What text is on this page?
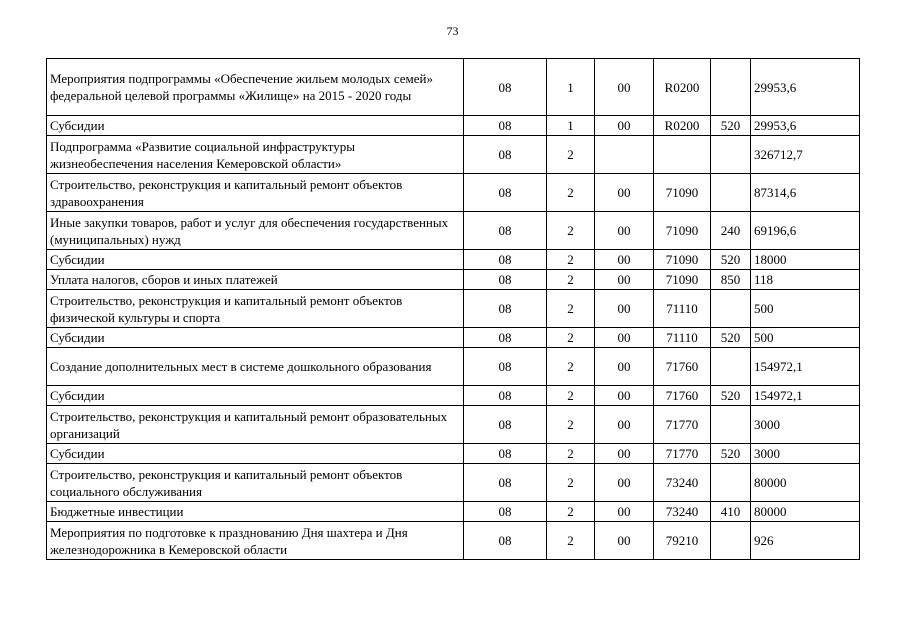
73
Мероприятия подпрограммы «Обеспечение жильем молодых семей» федеральной целевой программы «Жилище» на 2015 - 2020 годы	08	1	00	R0200		29953,6
Субсидии	08	1	00	R0200	520	29953,6
Подпрограмма «Развитие социальной инфраструктуры жизнеобеспечения населения Кемеровской области»	08	2				326712,7
Строительство, реконструкция и капитальный ремонт объектов здравоохранения	08	2	00	71090		87314,6
Иные закупки товаров, работ и услуг для обеспечения государственных (муниципальных) нужд	08	2	00	71090	240	69196,6
Субсидии	08	2	00	71090	520	18000
Уплата налогов, сборов и иных платежей	08	2	00	71090	850	118
Строительство, реконструкция и капитальный ремонт объектов физической культуры и спорта	08	2	00	71110		500
Субсидии	08	2	00	71110	520	500
Создание дополнительных мест в системе дошкольного образования	08	2	00	71760		154972,1
Субсидии	08	2	00	71760	520	154972,1
Строительство, реконструкция и капитальный ремонт образовательных организаций	08	2	00	71770		3000
Субсидии	08	2	00	71770	520	3000
Строительство, реконструкция и капитальный ремонт объектов социального обслуживания	08	2	00	73240		80000
Бюджетные инвестиции	08	2	00	73240	410	80000
Мероприятия по подготовке к празднованию Дня шахтера и Дня железнодорожника в Кемеровской области	08	2	00	79210		926
